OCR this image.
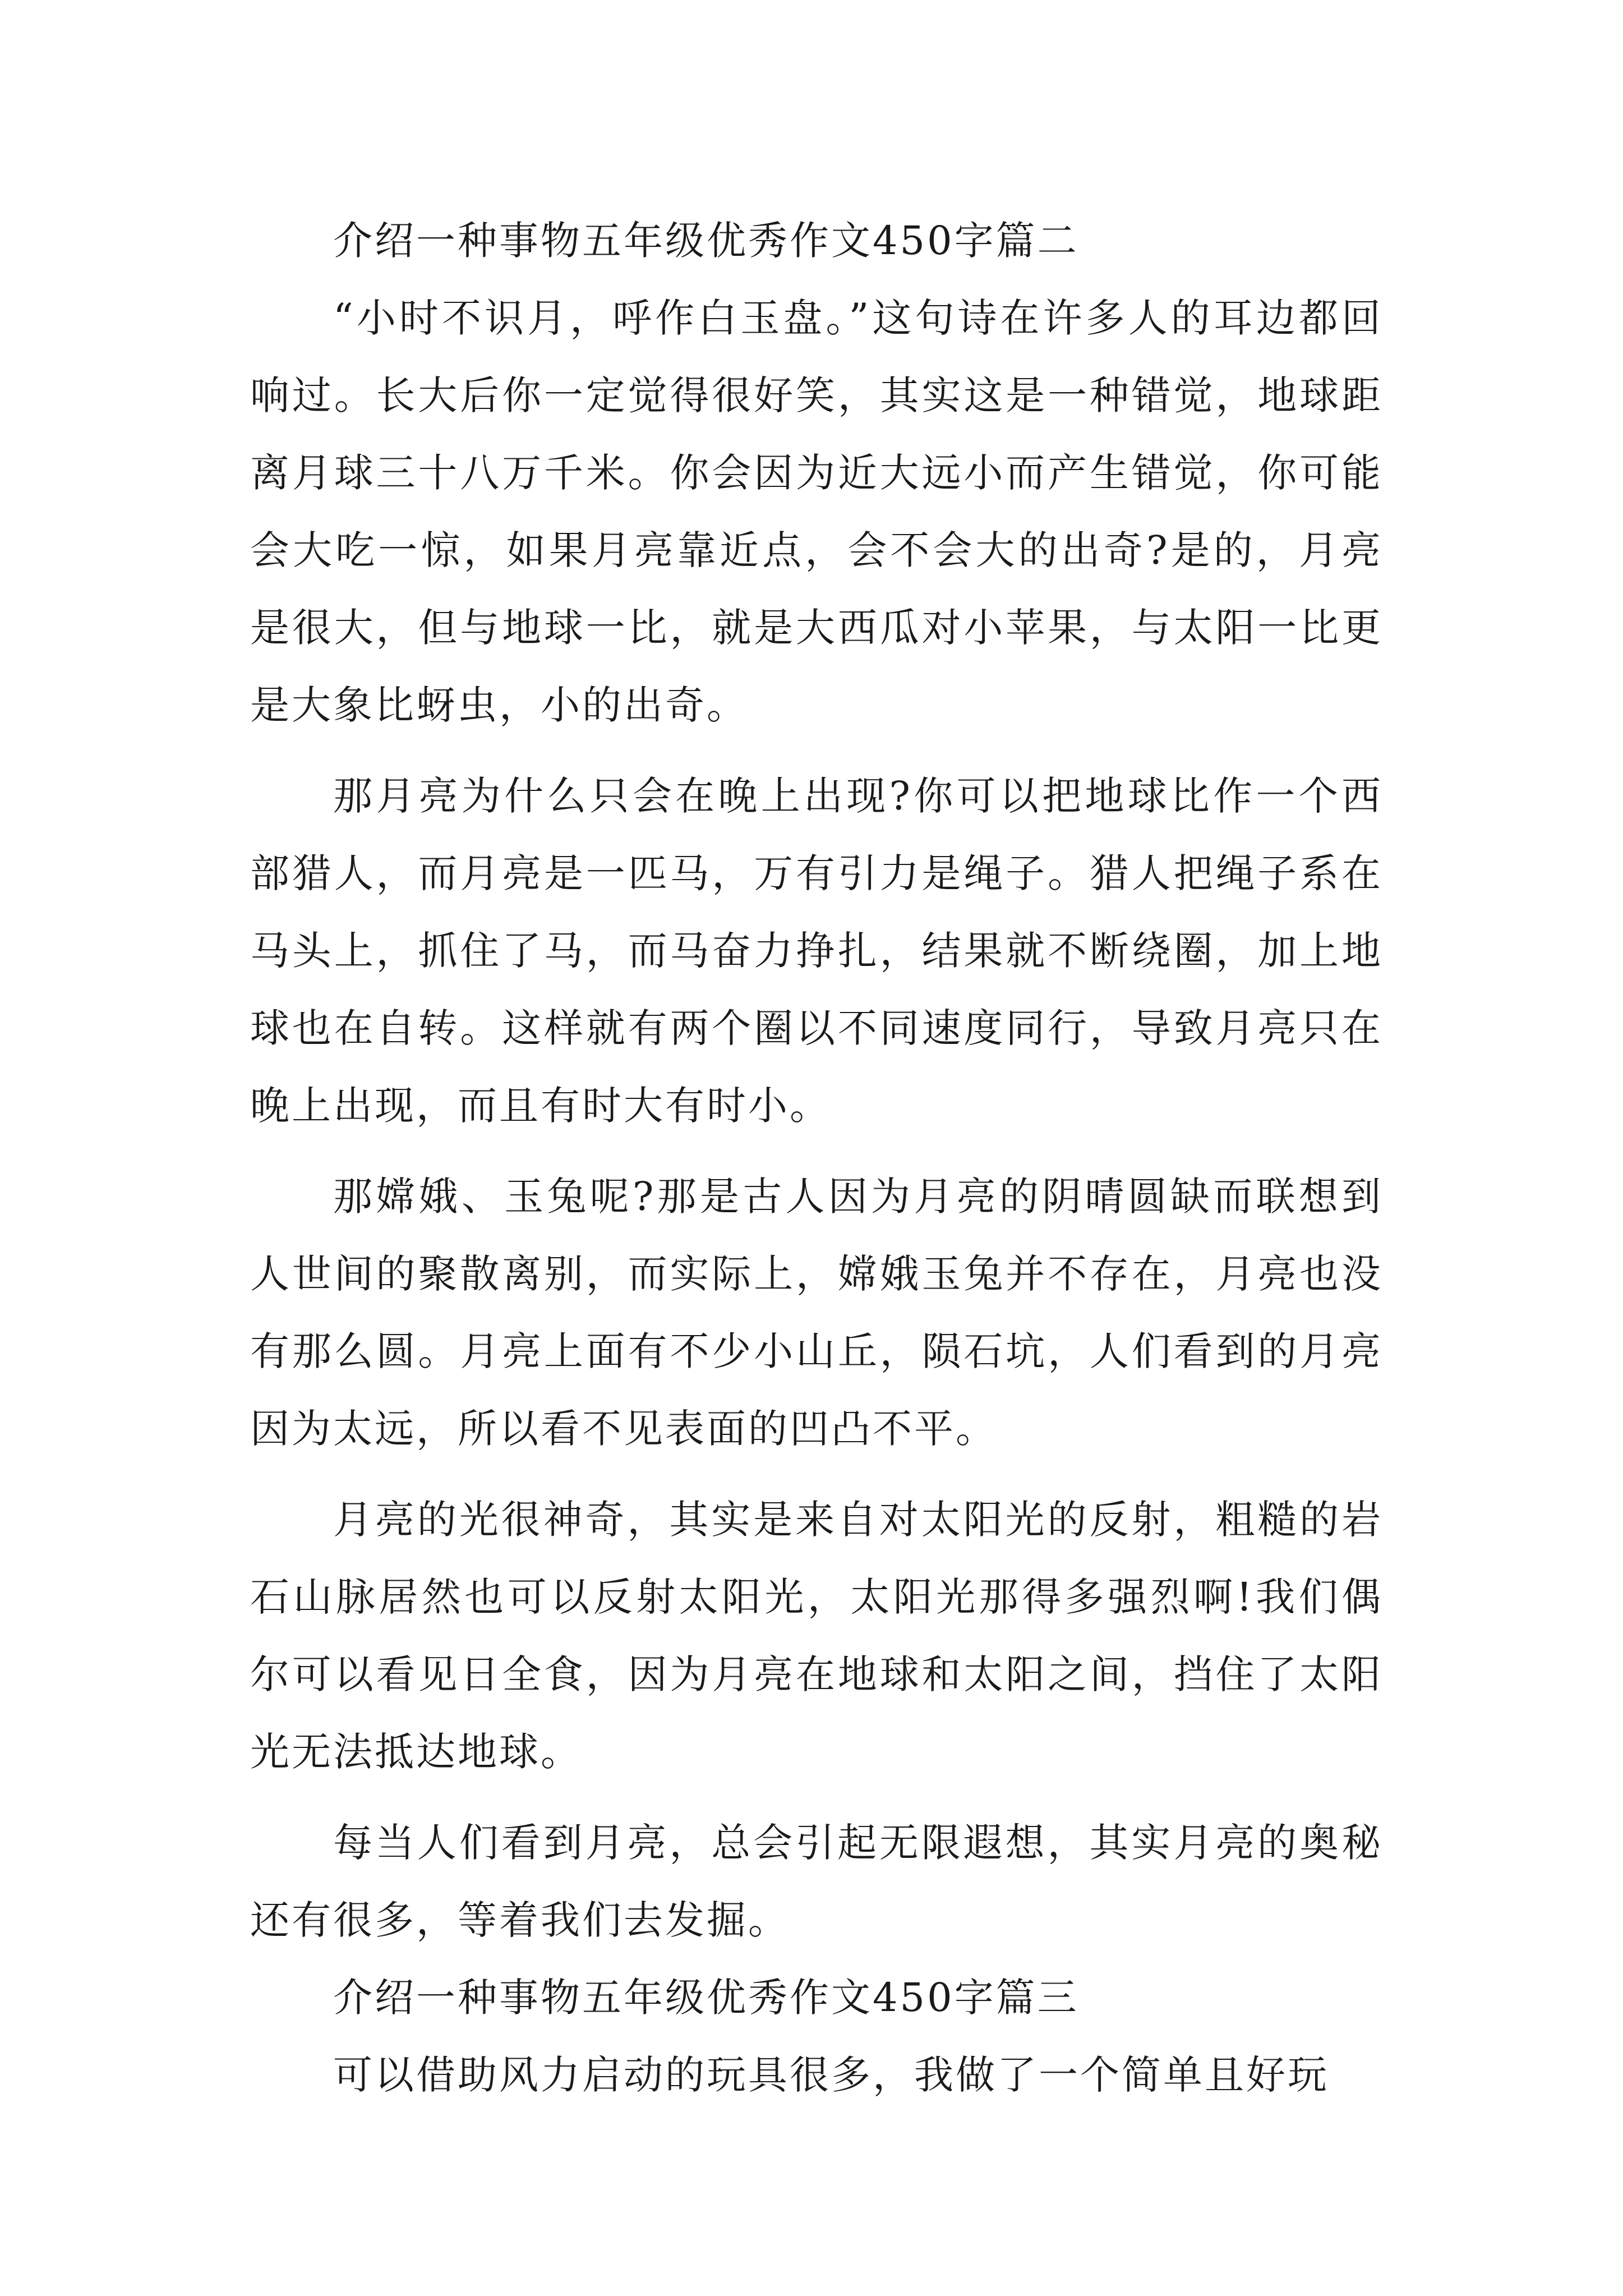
介绍一种事物五年级优秀作文450字篇二

“小时不识月，呼作白玉盘。”这句诗在许多人的耳边都回响过。长大后你一定觉得很好笑，其实这是一种错觉，地球距离月球三十八万千米。你会因为近大远小而产生错觉，你可能会大吃一惊，如果月亮靠近点，会不会大的出奇?是的，月亮是很大，但与地球一比，就是大西瓜对小苹果，与太阳一比更是大象比蚜虫，小的出奇。

那月亮为什么只会在晚上出现?你可以把地球比作一个西部猎人，而月亮是一匹马，万有引力是绳子。猎人把绳子系在马头上，抓住了马，而马奋力挣扎，结果就不断绕圈，加上地球也在自转。这样就有两个圈以不同速度同行，导致月亮只在晚上出现，而且有时大有时小。

那嫦娥、玉兔呢?那是古人因为月亮的阴晴圆缺而联想到人世间的聚散离别，而实际上，嫦娥玉兔并不存在，月亮也没有那么圆。月亮上面有不少小山丘，陨石坑，人们看到的月亮因为太远，所以看不见表面的凹凸不平。

月亮的光很神奇，其实是来自对太阳光的反射，粗糙的岩石山脉居然也可以反射太阳光，太阳光那得多强烈啊!我们偶尔可以看见日全食，因为月亮在地球和太阳之间，挡住了太阳光无法抵达地球。

每当人们看到月亮，总会引起无限遐想，其实月亮的奥秘还有很多，等着我们去发掘。

介绍一种事物五年级优秀作文450字篇三

可以借助风力启动的玩具很多，我做了一个简单且好玩
